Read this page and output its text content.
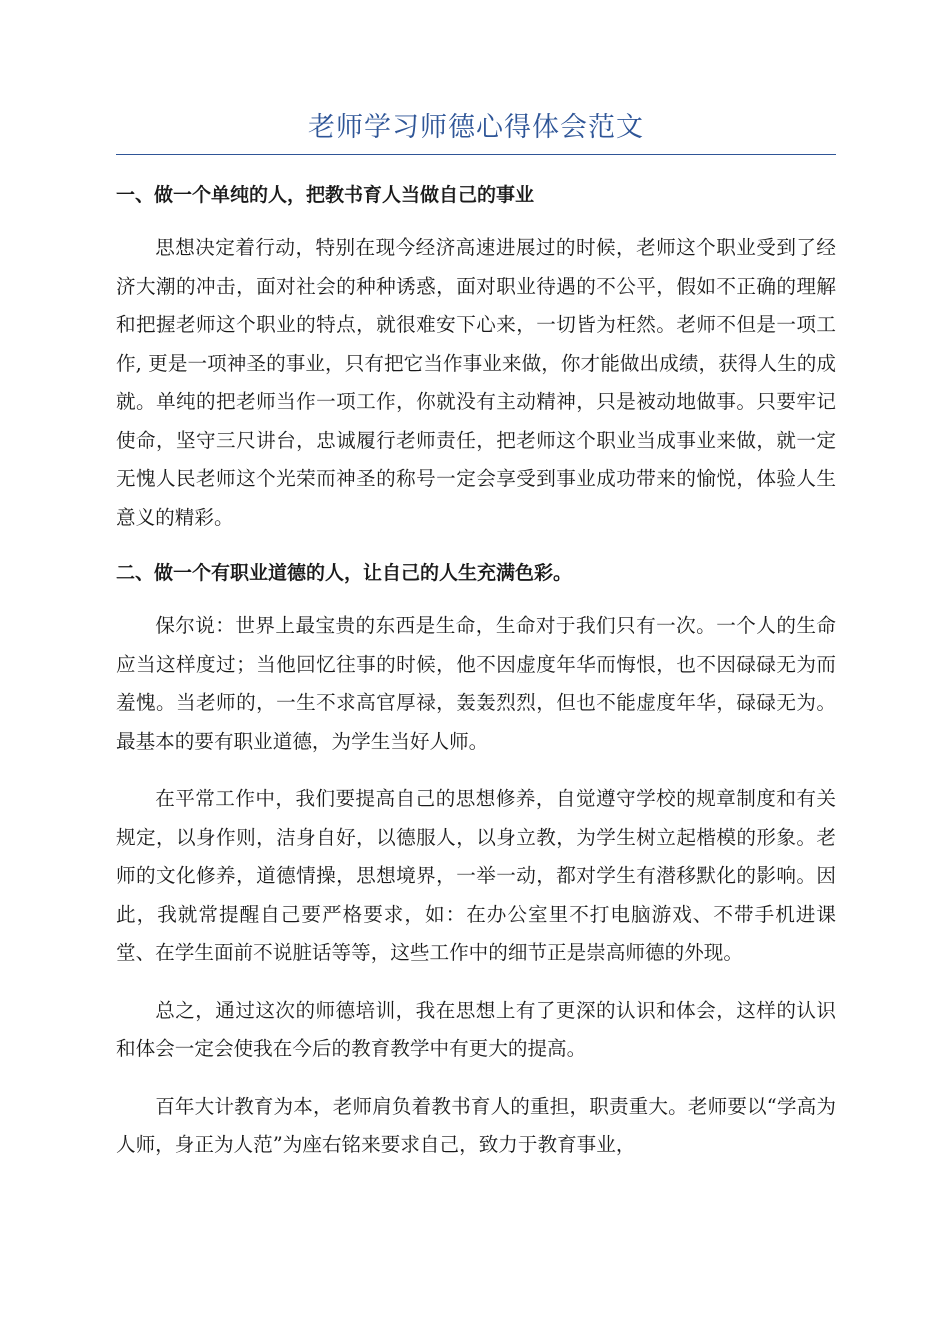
老师学习师德心得体会范文
一、做一个单纯的人，把教书育人当做自己的事业

思想决定着行动，特别在现今经济高速进展过的时候，老师这个职业受到了经济大潮的冲击，面对社会的种种诱惑，面对职业待遇的不公平，假如不正确的理解和把握老师这个职业的特点，就很难安下心来，一切皆为枉然。老师不但是一项工作, 更是一项神圣的事业，只有把它当作事业来做，你才能做出成绩，获得人生的成就。单纯的把老师当作一项工作，你就没有主动精神，只是被动地做事。只要牢记使命，坚守三尺讲台，忠诚履行老师责任，把老师这个职业当成事业来做，就一定无愧人民老师这个光荣而神圣的称号一定会享受到事业成功带来的愉悦，体验人生意义的精彩。

二、做一个有职业道德的人，让自己的人生充满色彩。

保尔说：世界上最宝贵的东西是生命，生命对于我们只有一次。一个人的生命应当这样度过；当他回忆往事的时候，他不因虚度年华而悔恨，也不因碌碌无为而羞愧。当老师的，一生不求高官厚禄，轰轰烈烈，但也不能虚度年华，碌碌无为。最基本的要有职业道德，为学生当好人师。

在平常工作中，我们要提高自己的思想修养，自觉遵守学校的规章制度和有关规定，以身作则，洁身自好，以德服人，以身立教，为学生树立起楷模的形象。老师的文化修养，道德情操，思想境界，一举一动，都对学生有潜移默化的影响。因此，我就常提醒自己要严格要求，如：在办公室里不打电脑游戏、不带手机进课堂、在学生面前不说脏话等等，这些工作中的细节正是崇高师德的外现。

总之，通过这次的师德培训，我在思想上有了更深的认识和体会，这样的认识和体会一定会使我在今后的教育教学中有更大的提高。

百年大计教育为本，老师肩负着教书育人的重担，职责重大。老师要以“学高为人师，身正为人范”为座右铭来要求自己，致力于教育事业，
